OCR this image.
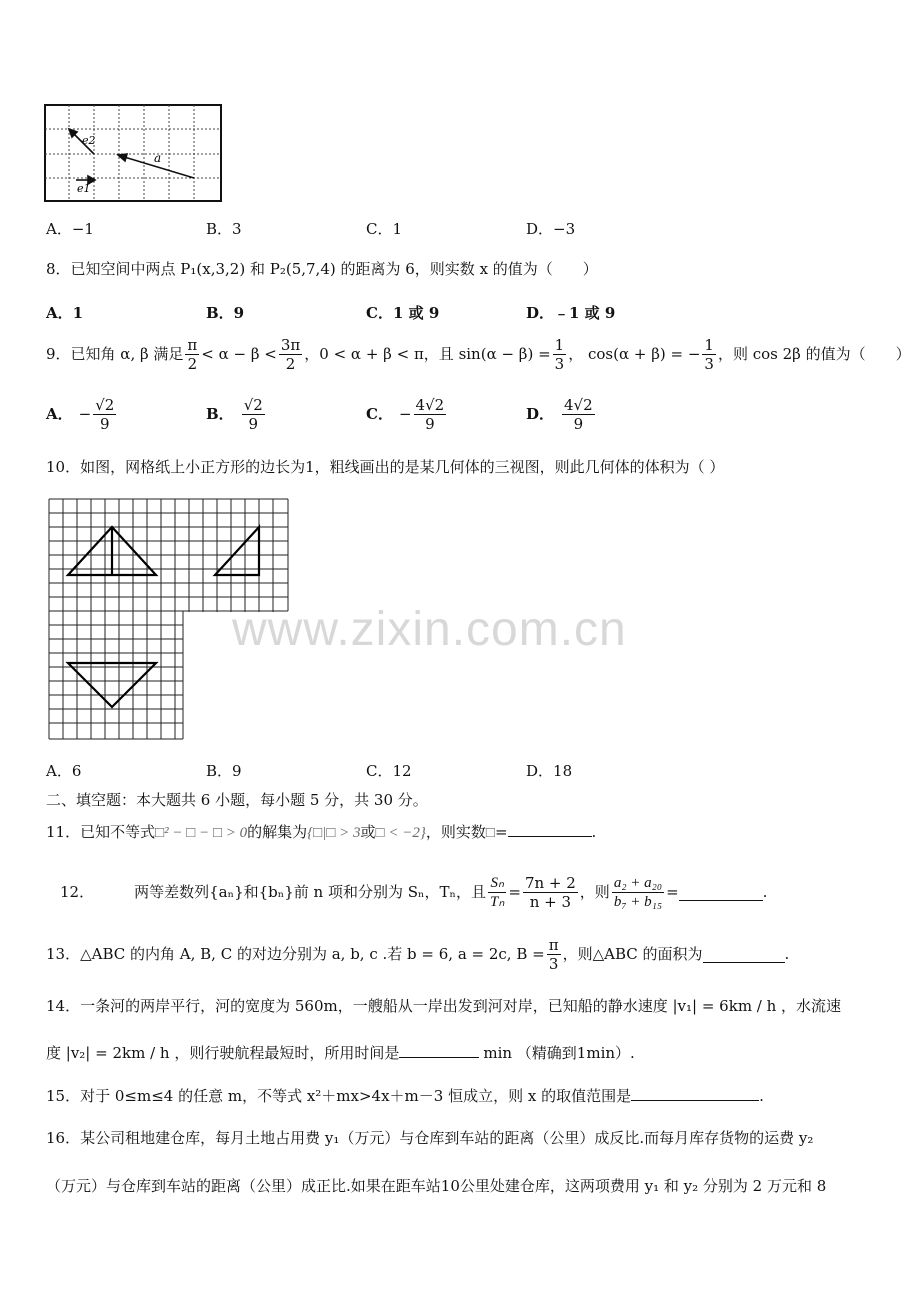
e2
a
e1
A．−1	B．3	C．1	D．−3
8．已知空间中两点 P₁(x,3,2) 和 P₂(5,7,4) 的距离为 6，则实数 x 的值为（　　）
A．1	B．9	C．1 或 9	D．﹣1 或 9
9．已知角 α, β 满足 $\frac{\pi}{2} < \alpha - \beta < \frac{3\pi}{2}$ ，0 < α + β < π，且 $\sin(\alpha - \beta) = \frac{1}{3}$ ， cos(α + β) = − $\frac{1}{3}$ ，则 cos 2β 的值为（　　）
A． − $\frac{√2}{9}$	B． $\frac{√2}{9}$	C． − $\frac{4√2}{9}$	D． $\frac{4√2}{9}$
10．如图，网格纸上小正方形的边长为1，粗线画出的是某几何体的三视图，则此几何体的体积为（ ）
www.zixin.com.cn
A．6	B．9	C．12	D．18
二、填空题：本大题共 6 小题，每小题 5 分，共 30 分。
11．已知不等式□² − □ − □ > 0的解集为{□|□ > 3或□ < −2}，则实数□=	.
12．	两等差数列{aₙ}和{bₙ}前 n 项和分别为 Sₙ，Tₙ，且 $\frac{\text{Sₙ}}{\text{Tₙ}} = \frac{7n + 2}{n + 3}$ ，则 $\frac{\text{a₂ + a₂₀}}{\text{b₇ + b₁₅}}$ =	.
13．△ABC 的内角 A, B, C 的对边分别为 a, b, c .若 b = 6, a = 2c, $B = \frac{\pi}{3}$ ，则△ABC 的面积为	.
14．一条河的两岸平行，河的宽度为 560m，一艘船从一岸出发到河对岸，已知船的静水速度 |v₁| = 6km / h ，水流速
度 |v₂| = 2km / h ，则行驶航程最短时，所用时间是	min （精确到1min）.
15．对于 0≤m≤4 的任意 m，不等式 x²＋mx>4x＋m－3 恒成立，则 x 的取值范围是	.
16．某公司租地建仓库，每月土地占用费 y₁（万元）与仓库到车站的距离（公里）成反比.而每月库存货物的运费 y₂
（万元）与仓库到车站的距离（公里）成正比.如果在距车站10公里处建仓库，这两项费用 y₁ 和 y₂ 分别为 2 万元和 8
